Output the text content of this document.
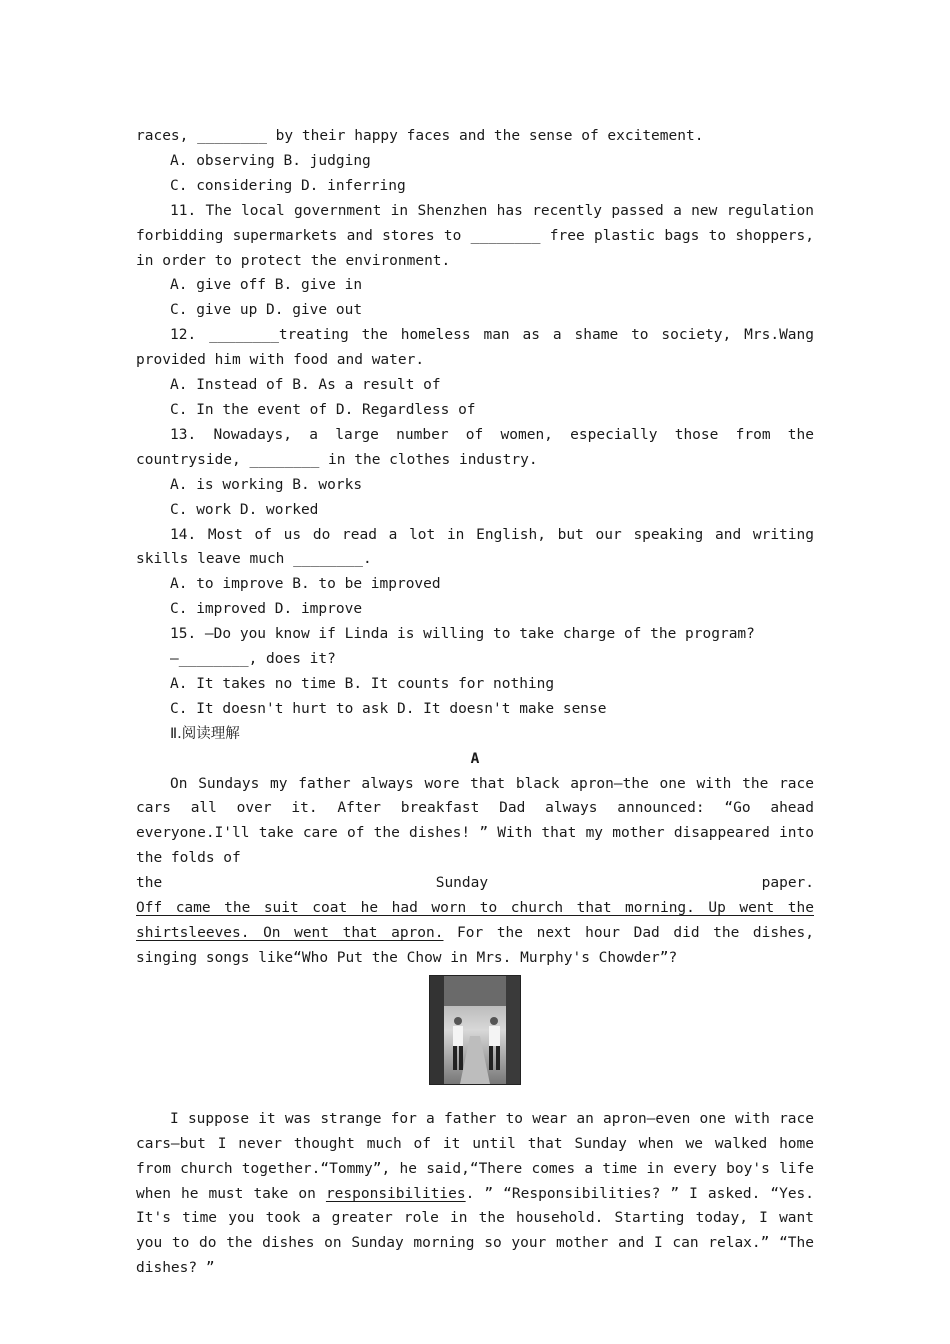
races, ________ by their happy faces and the sense of excitement.

A. observing B. judging

C. considering D. inferring

11. The local government in Shenzhen has recently passed a new regulation forbidding supermarkets and stores to ________ free plastic bags to shoppers, in order to protect the environment.

A. give off B. give in

C. give up D. give out

12. ________treating the homeless man as a shame to society, Mrs.Wang provided him with food and water.

A. Instead of B. As a result of

C. In the event of D. Regardless of

13. Nowadays, a large number of women, especially those from the countryside, ________ in the clothes industry.

A. is working B. works

C. work D. worked

14. Most of us do read a lot in English, but our speaking and writing skills leave much ________.

A. to improve B. to be improved

C. improved D. improve

15. —Do you know if Linda is willing to take charge of the program?

—________, does it?

A. It takes no time B. It counts for nothing

C. It doesn't hurt to ask D. It doesn't make sense

Ⅱ.阅读理解

A

On Sundays my father always wore that black apron—the one with the race cars all over it. After breakfast Dad always announced: “Go ahead everyone.I'll take care of the dishes! ” With that my mother disappeared into the folds of

the	Sunday	paper.

Off came the suit coat he had worn to church that morning. Up went the shirtsleeves. On went that apron. For the next hour Dad did the dishes, singing songs like“Who Put the Chow in Mrs. Murphy's Chowder”?

I suppose it was strange for a father to wear an apron—even one with race cars—but I never thought much of it until that Sunday when we walked home from church together.“Tommy”, he said,“There comes a time in every boy's life when he must take on responsibilities. ” “Responsibilities? ” I asked. “Yes. It's time you took a greater role in the household. Starting today, I want you to do the dishes on Sunday morning so your mother and I can relax.” “The dishes? ”
